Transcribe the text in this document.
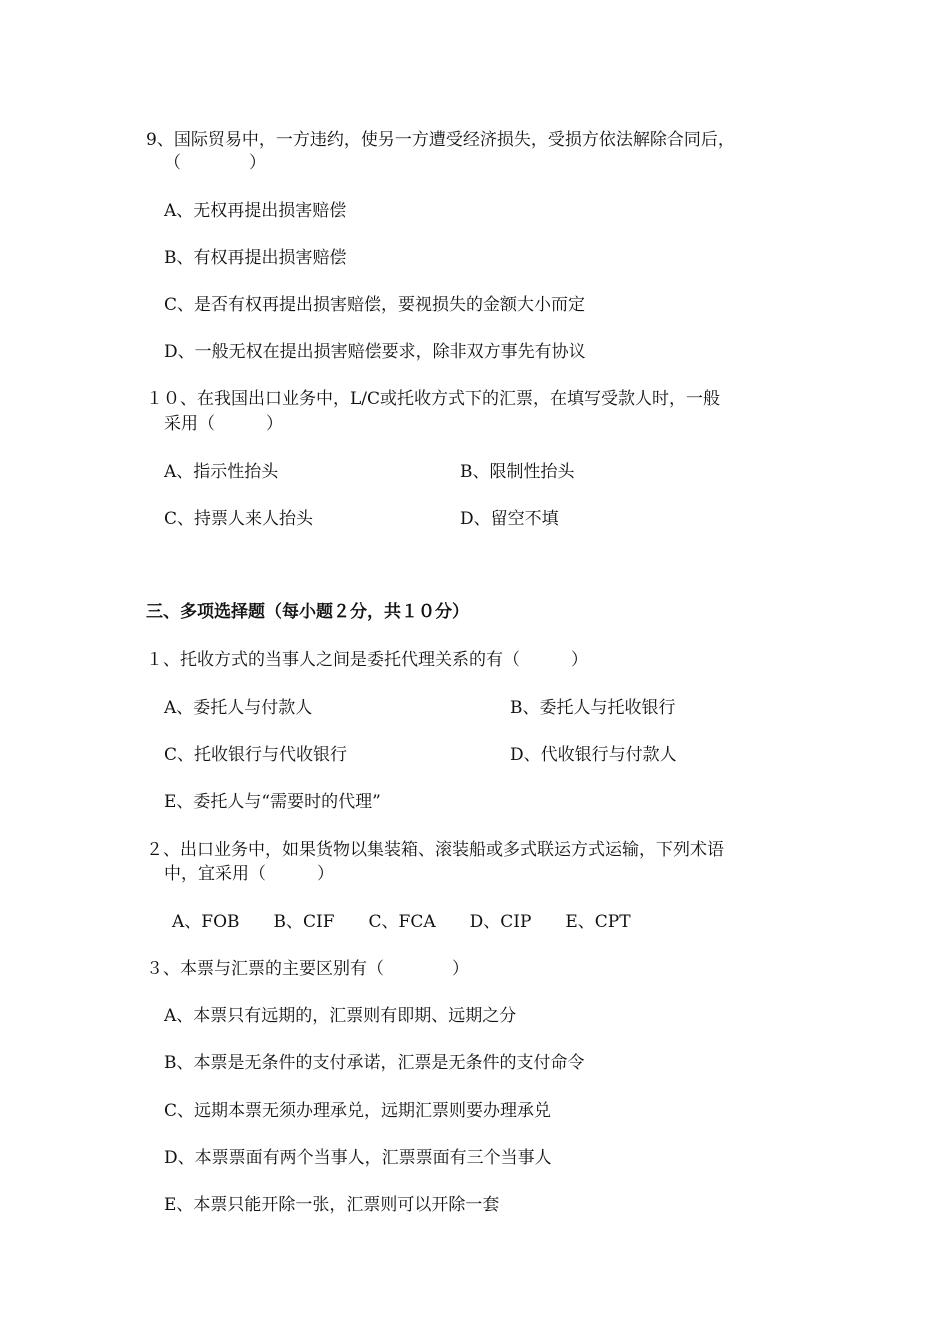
9、国际贸易中，一方违约，使另一方遭受经济损失，受损方依法解除合同后，
（　　　　）
A、无权再提出损害赔偿
B、有权再提出损害赔偿
C、是否有权再提出损害赔偿，要视损失的金额大小而定
D、一般无权在提出损害赔偿要求，除非双方事先有协议
１０、在我国出口业务中，L/C或托收方式下的汇票，在填写受款人时，一般
采用（　　　）
A、指示性抬头	B、限制性抬头
C、持票人来人抬头	D、留空不填
三、多项选择题（每小题２分，共１０分）
１、托收方式的当事人之间是委托代理关系的有（　　　）
A、委托人与付款人	B、委托人与托收银行
C、托收银行与代收银行	D、代收银行与付款人
E、委托人与“需要时的代理”
２、出口业务中，如果货物以集装箱、滚装船或多式联运方式运输，下列术语
中，宜采用（　　　）
A、FOB　　B、CIF　　C、FCA　　D、CIP　　E、CPT
３、本票与汇票的主要区别有（　　　　）
A、本票只有远期的，汇票则有即期、远期之分
B、本票是无条件的支付承诺，汇票是无条件的支付命令
C、远期本票无须办理承兑，远期汇票则要办理承兑
D、本票票面有两个当事人，汇票票面有三个当事人
E、本票只能开除一张，汇票则可以开除一套
